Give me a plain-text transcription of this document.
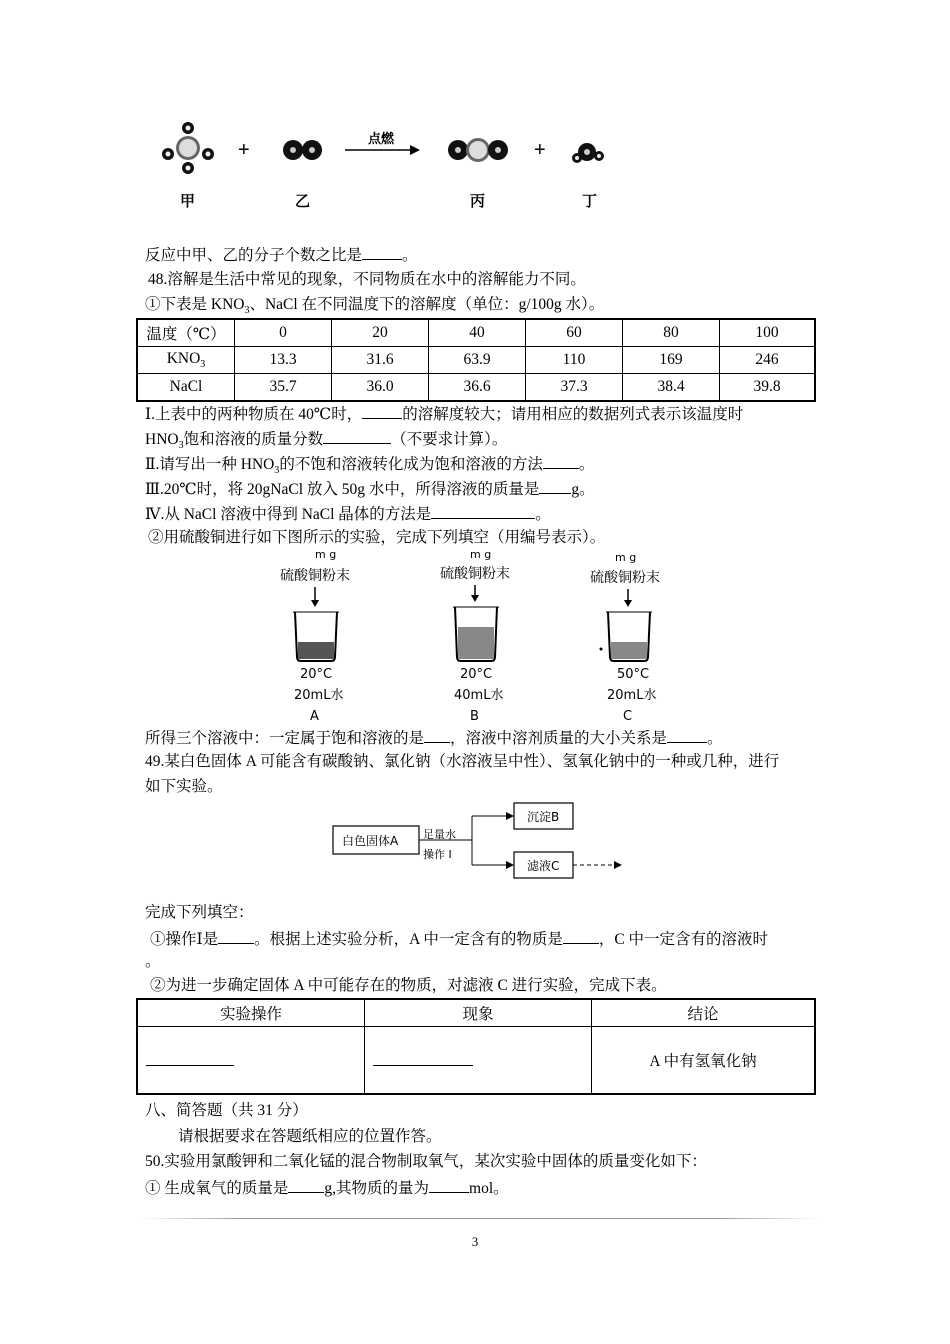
+	点燃	+
甲	乙	丙	丁
反应中甲、乙的分子个数之比是	。
48.溶解是生活中常见的现象，不同物质在水中的溶解能力不同。
①下表是 $KNO_3$、NaCl 在不同温度下的溶解度（单位：g/100g 水）。
温度（℃）	0	20	40	60	80	100
$KNO_3$	13.3	31.6	63.9	110	169	246
NaCl	35.7	36.0	36.6	37.3	38.4	39.8
Ⅰ.上表中的两种物质在 40℃时，	的溶解度较大；请用相应的数据列式表示该温度时
$HNO_3$饱和溶液的质量分数	（不要求计算）。
Ⅱ.请写出一种 $HNO_3$的不饱和溶液转化成为饱和溶液的方法 。
Ⅲ.20℃时，将 20gNaCl 放入 50g 水中，所得溶液的质量是 g。
Ⅳ.从 NaCl 溶液中得到 NaCl 晶体的方法是	。
②用硫酸铜进行如下图所示的实验，完成下列填空（用编号表示）。
m g
硫酸铜粉末
20°C
20mL水
A
m g
硫酸铜粉末
20°C
40mL水
B
m g
硫酸铜粉末
50°C
20mL水
C
所得三个溶液中：一定属于饱和溶液的是 ，溶液中溶剂质量的大小关系是	。
49.某白色固体 A 可能含有碳酸钠、氯化钠（水溶液呈中性）、氢氧化钠中的一种或几种，进行
如下实验。
白色固体A 足量水
操作 I
沉淀B
滤液C
完成下列填空：
①操作Ⅰ是 。根据上述实验分析，A 中一定含有的物质是 ，C 中一定含有的溶液时
。
②为进一步确定固体 A 中可能存在的物质，对滤液 C 进行实验，完成下表。
实验操作	现象	结论
		A 中有氢氧化钠
八、简答题（共 31 分）
请根据要求在答题纸相应的位置作答。
50.实验用氯酸钾和二氧化锰的混合物制取氧气，某次实验中固体的质量变化如下：
① 生成氧气的质量是 g,其物质的量为	mol。
3
